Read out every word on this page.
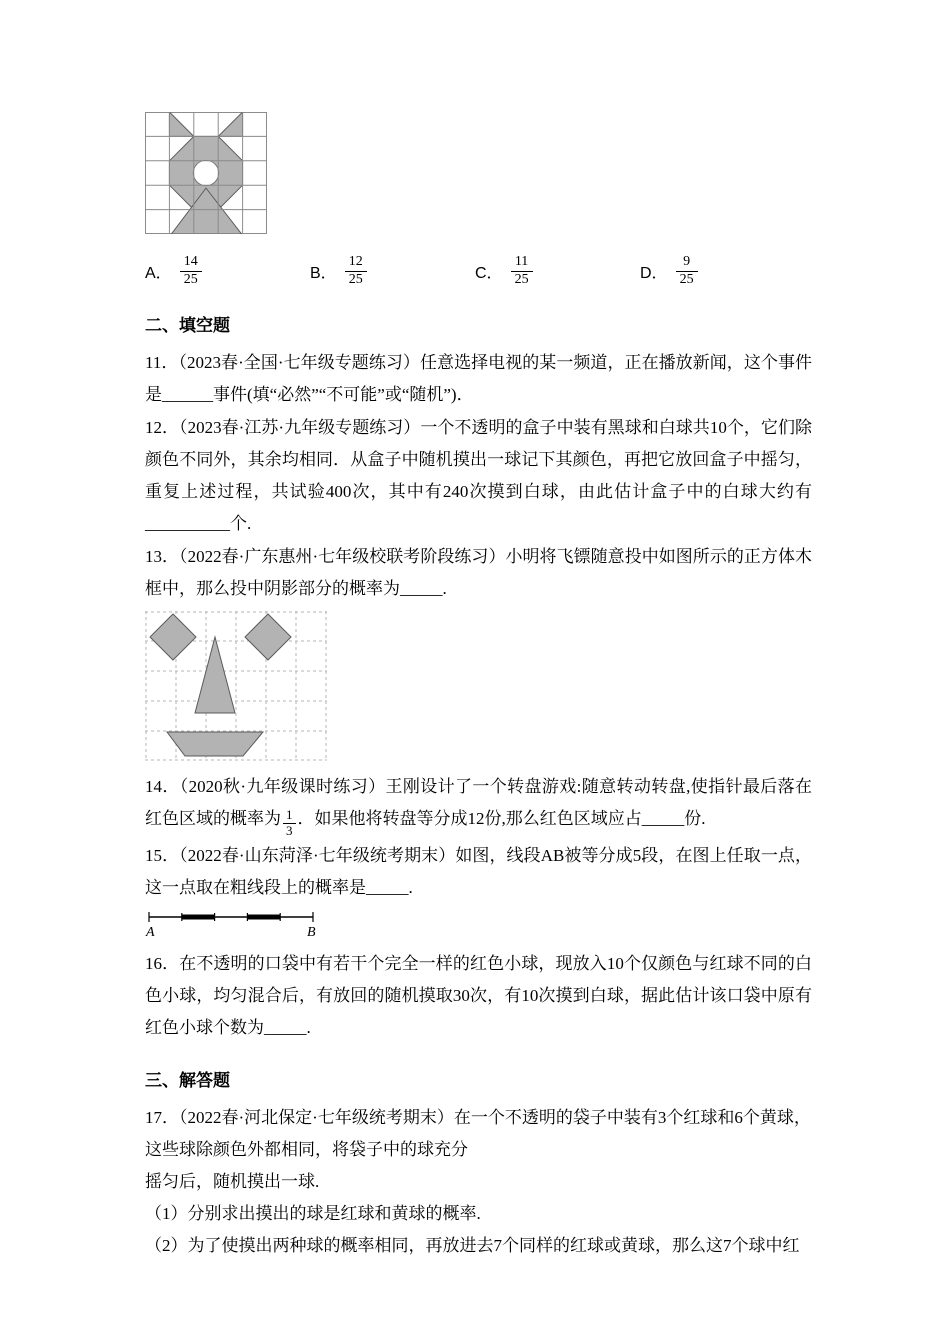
A． $\frac{14}{25}$	B． $\frac{12}{25}$	C． $\frac{11}{25}$	D． $\frac{9}{25}$
二、填空题

11．（2023春·全国·七年级专题练习）任意选择电视的某一频道，正在播放新闻，这个事件是______事件(填“必然”“不可能”或“随机”)．

12．（2023春·江苏·九年级专题练习）一个不透明的盒子中装有黑球和白球共10个，它们除颜色不同外，其余均相同．从盒子中随机摸出一球记下其颜色，再把它放回盒子中摇匀，重复上述过程，共试验400次，其中有240次摸到白球，由此估计盒子中的白球大约有__________个.

13．（2022春·广东惠州·七年级校联考阶段练习）小明将飞镖随意投中如图所示的正方体木框中，那么投中阴影部分的概率为_____.

14．（2020秋·九年级课时练习）王刚设计了一个转盘游戏:随意转动转盘,使指针最后落在红色区域的概率为 $\frac{1}{3}$ ．如果他将转盘等分成12份,那么红色区域应占_____份.

15．（2022春·山东菏泽·七年级统考期末）如图，线段AB被等分成5段，在图上任取一点，这一点取在粗线段上的概率是_____.

A	B

16．在不透明的口袋中有若干个完全一样的红色小球，现放入10个仅颜色与红球不同的白色小球，均匀混合后，有放回的随机摸取30次，有10次摸到白球，据此估计该口袋中原有红色小球个数为_____.

三、解答题

17．（2022春·河北保定·七年级统考期末）在一个不透明的袋子中装有3个红球和6个黄球，

这些球除颜色外都相同，将袋子中的球充分

摇匀后，随机摸出一球.

（1）分别求出摸出的球是红球和黄球的概率.

（2）为了使摸出两种球的概率相同，再放进去7个同样的红球或黄球，那么这7个球中红
